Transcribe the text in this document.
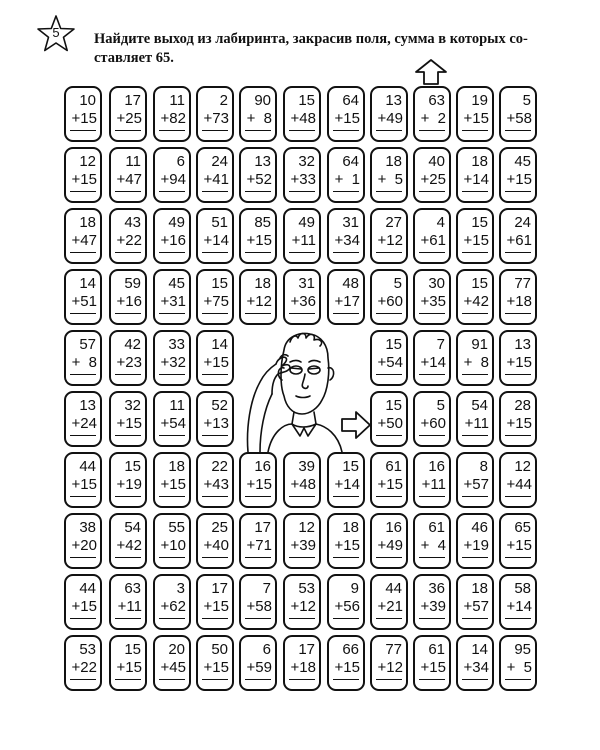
5	Найдите выход из лабиринта, закрасив поля, сумма в которых со-
ставляет 65.
10
+15
17
+25
11
+82
2
+73
90
+  8
15
+48
64
+15
13
+49
63
+  2
19
+15
5
+58
12
+15
11
+47
6
+94
24
+41
13
+52
32
+33
64
+  1
18
+  5
40
+25
18
+14
45
+15
18
+47
43
+22
49
+16
51
+14
85
+15
49
+11
31
+34
27
+12
4
+61
15
+15
24
+61
14
+51
59
+16
45
+31
15
+75
18
+12
31
+36
48
+17
5
+60
30
+35
15
+42
77
+18
57
+  8
42
+23
33
+32
14
+15
15
+54
7
+14
91
+  8
13
+15
13
+24
32
+15
11
+54
52
+13
15
+50
5
+60
54
+11
28
+15
44
+15
15
+19
18
+15
22
+43
16
+15
39
+48
15
+14
61
+15
16
+11
8
+57
12
+44
38
+20
54
+42
55
+10
25
+40
17
+71
12
+39
18
+15
16
+49
61
+  4
46
+19
65
+15
44
+15
63
+11
3
+62
17
+15
7
+58
53
+12
9
+56
44
+21
36
+39
18
+57
58
+14
53
+22
15
+15
20
+45
50
+15
6
+59
17
+18
66
+15
77
+12
61
+15
14
+34
95
+  5
